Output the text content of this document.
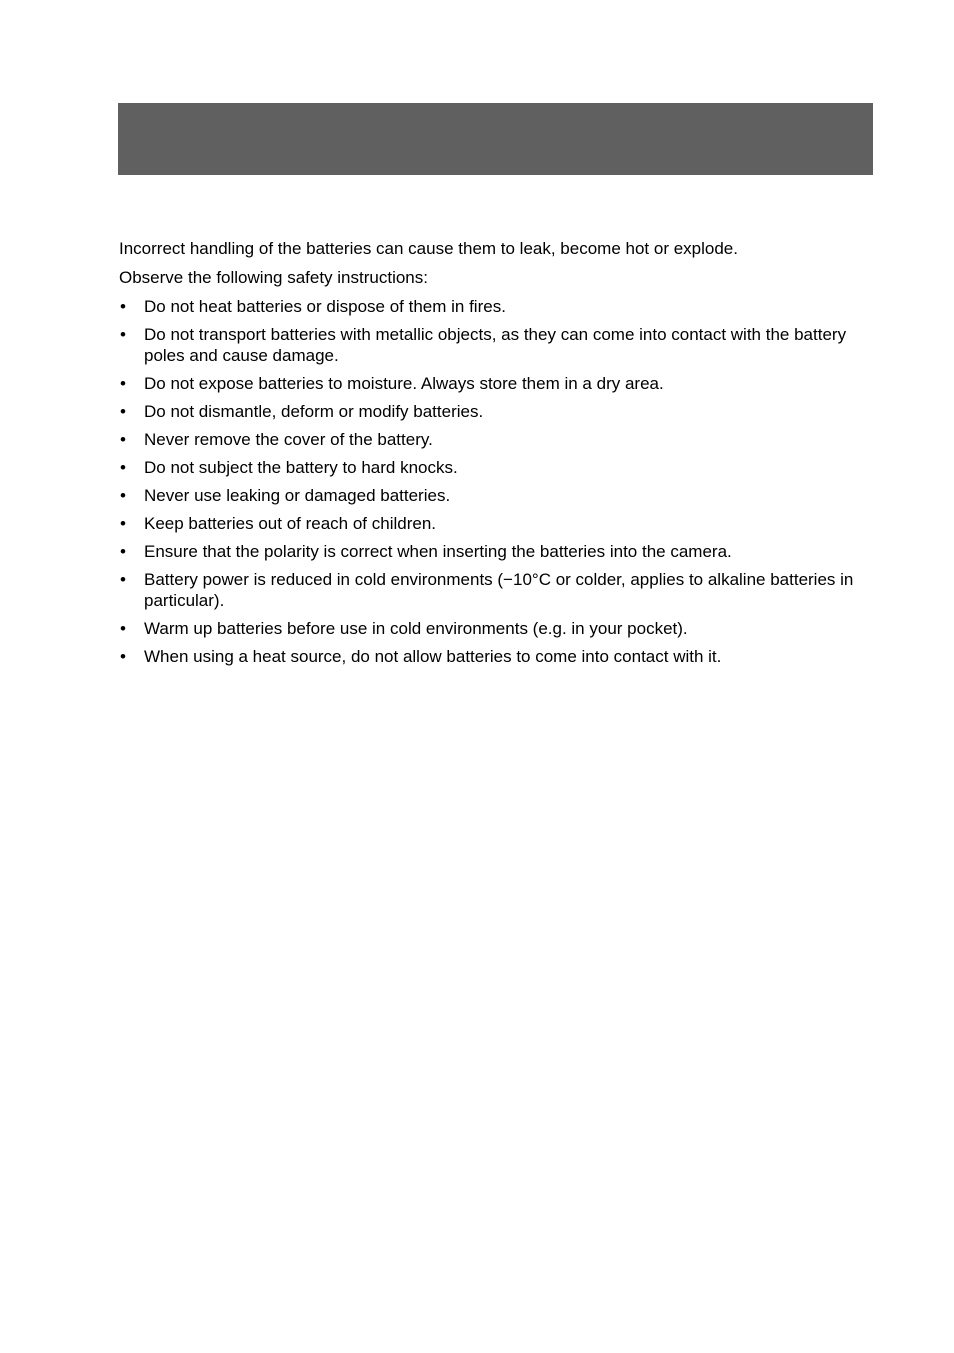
Incorrect handling of the batteries can cause them to leak, become hot or explode.

Observe the following safety instructions:

•	Do not heat batteries or dispose of them in fires.
•	Do not transport batteries with metallic objects, as they can come into contact with the battery poles and cause damage.
•	Do not expose batteries to moisture. Always store them in a dry area.
•	Do not dismantle, deform or modify batteries.
•	Never remove the cover of the battery.
•	Do not subject the battery to hard knocks.
•	Never use leaking or damaged batteries.
•	Keep batteries out of reach of children.
•	Ensure that the polarity is correct when inserting the batteries into the camera.
•	Battery power is reduced in cold environments (−10°C or colder, applies to alkaline batteries in particular).
•	Warm up batteries before use in cold environments (e.g. in your pocket).
•	When using a heat source, do not allow batteries to come into contact with it.
